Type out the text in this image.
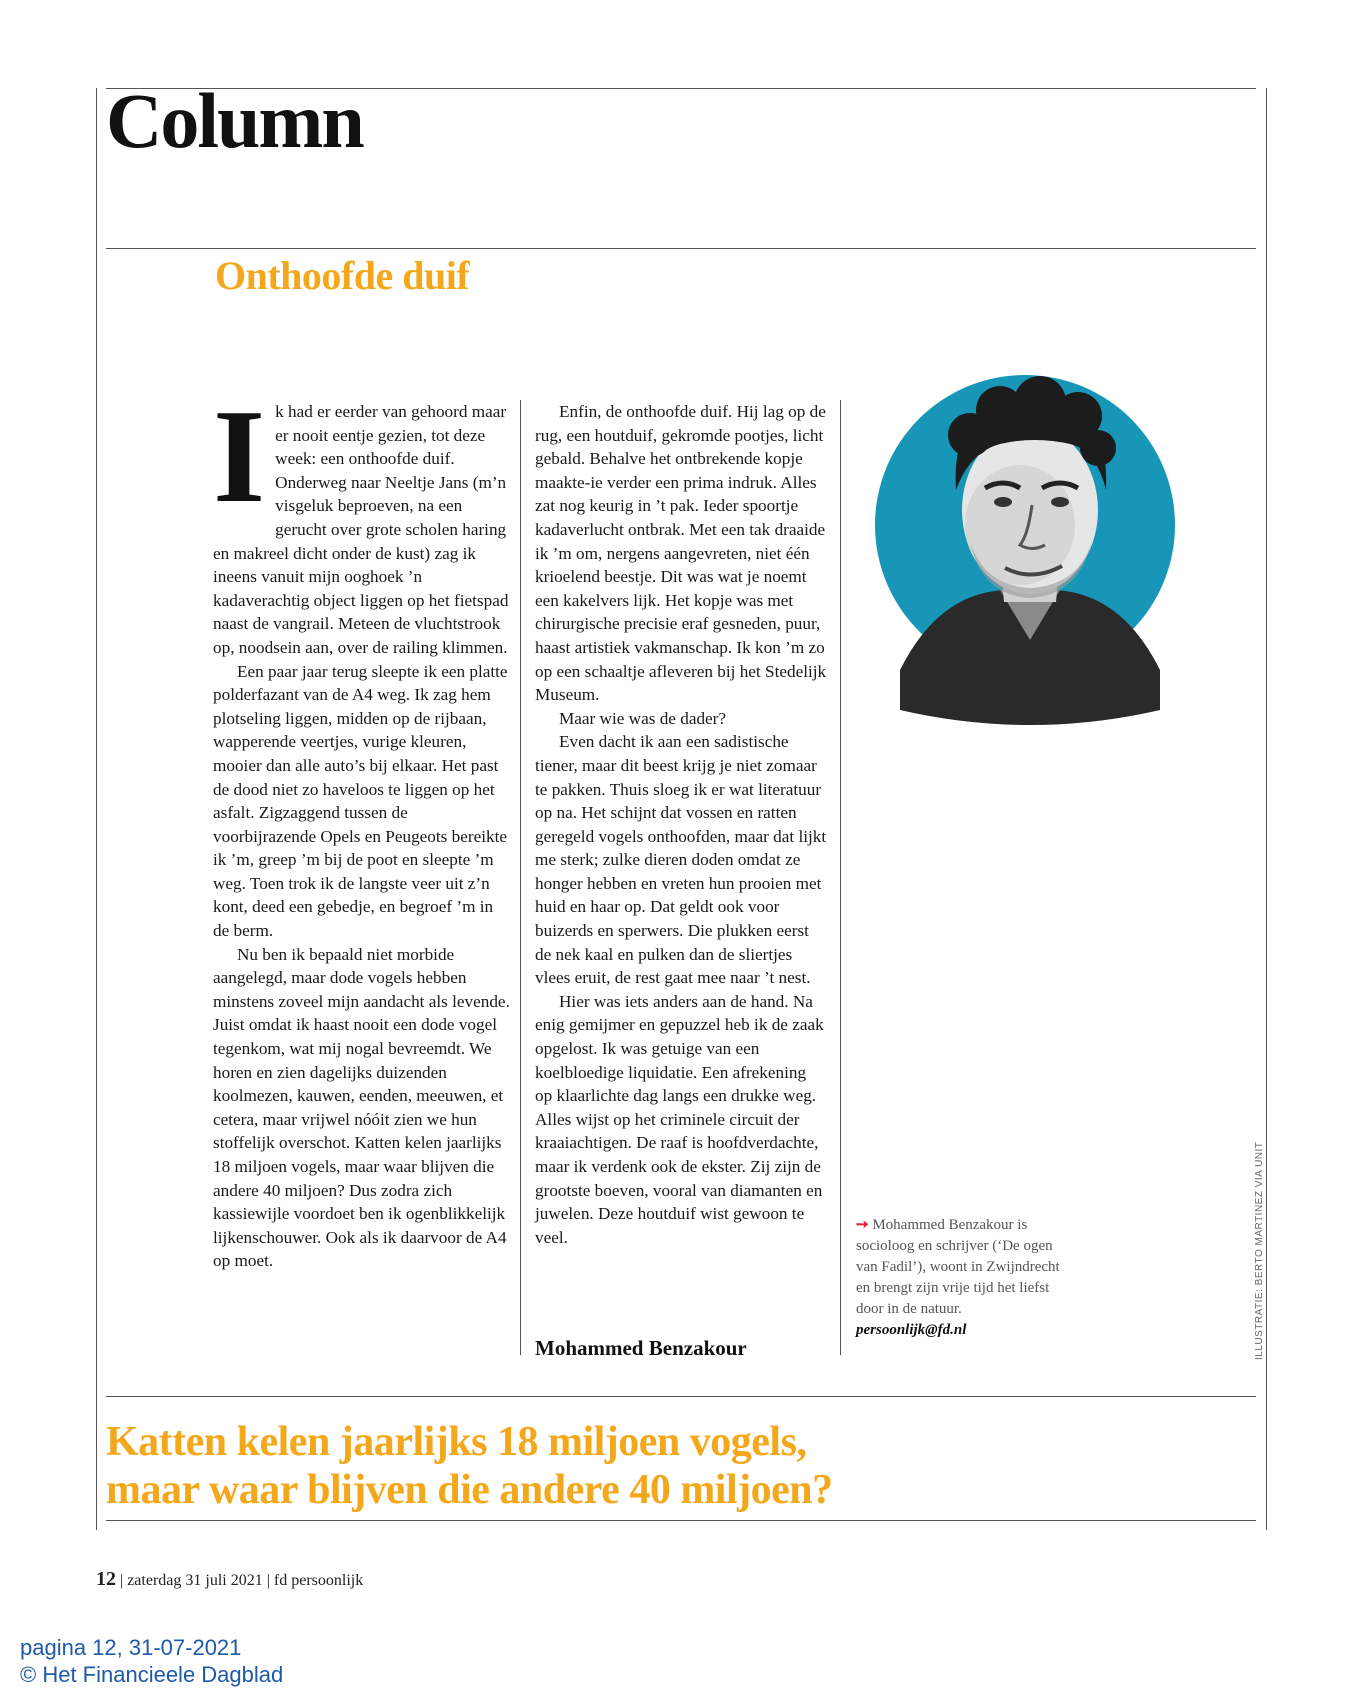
Column
Onthoofde duif
I k had er eerder van gehoord maar er nooit eentje gezien, tot deze week: een onthoofde duif. Onderweg naar Neeltje Jans (m’n visgeluk beproeven, na een gerucht over grote scholen haring en makreel dicht onder de kust) zag ik ineens vanuit mijn ooghoek ’n kadaverachtig object liggen op het fietspad naast de vangrail. Meteen de vluchtstrook op, noodsein aan, over de railing klimmen.

Een paar jaar terug sleepte ik een platte polderfazant van de A4 weg. Ik zag hem plotseling liggen, midden op de rijbaan, wapperende veertjes, vurige kleuren, mooier dan alle auto’s bij elkaar. Het past de dood niet zo haveloos te liggen op het asfalt. Zigzaggend tussen de voorbijrazende Opels en Peugeots bereikte ik ’m, greep ’m bij de poot en sleepte ’m weg. Toen trok ik de langste veer uit z’n kont, deed een gebedje, en begroef ’m in de berm.

Nu ben ik bepaald niet morbide aangelegd, maar dode vogels hebben minstens zoveel mijn aandacht als levende. Juist omdat ik haast nooit een dode vogel tegenkom, wat mij nogal bevreemdt. We horen en zien dagelijks duizenden koolmezen, kauwen, eenden, meeuwen, et cetera, maar vrijwel nóóit zien we hun stoffelijk overschot. Katten kelen jaarlijks 18 miljoen vogels, maar waar blijven die andere 40 miljoen? Dus zodra zich kassiewijle voordoet ben ik ogenblikkelijk lijkenschouwer. Ook als ik daarvoor de A4 op moet.

Enfin, de onthoofde duif. Hij lag op de rug, een houtduif, gekromde pootjes, licht gebald. Behalve het ontbrekende kopje maakte-ie verder een prima indruk. Alles zat nog keurig in ’t pak. Ieder spoortje kadaverlucht ontbrak. Met een tak draaide ik ’m om, nergens aangevreten, niet één krioelend beestje. Dit was wat je noemt een kakelvers lijk. Het kopje was met chirurgische precisie eraf gesneden, puur, haast artistiek vakmanschap. Ik kon ’m zo op een schaaltje afleveren bij het Stedelijk Museum.

Maar wie was de dader?

Even dacht ik aan een sadistische tiener, maar dit beest krijg je niet zomaar te pakken. Thuis sloeg ik er wat literatuur op na. Het schijnt dat vossen en ratten geregeld vogels onthoofden, maar dat lijkt me sterk; zulke dieren doden omdat ze honger hebben en vreten hun prooien met huid en haar op. Dat geldt ook voor buizerds en sperwers. Die plukken eerst de nek kaal en pulken dan de sliertjes vlees eruit, de rest gaat mee naar ’t nest.

Hier was iets anders aan de hand. Na enig gemijmer en gepuzzel heb ik de zaak opgelost. Ik was getuige van een koelbloedige liquidatie. Een afrekening op klaarlichte dag langs een drukke weg. Alles wijst op het criminele circuit der kraaiachtigen. De raaf is hoofdverdachte, maar ik verdenk ook de ekster. Zij zijn de grootste boeven, vooral van diamanten en juwelen. Deze houtduif wist gewoon te veel.

Mohammed Benzakour
➙ Mohammed Benzakour is socioloog en schrijver (‘De ogen van Fadil’), woont in Zwijndrecht en brengt zijn vrije tijd het liefst door in de natuur.
persoonlijk@fd.nl	ILLUSTRATIE: BERTO MARTINEZ VIA UNIT
Katten kelen jaarlijks 18 miljoen vogels,
maar waar blijven die andere 40 miljoen?
12 | zaterdag 31 juli 2021 | fd persoonlijk
pagina 12, 31-07-2021
© Het Financieele Dagblad
